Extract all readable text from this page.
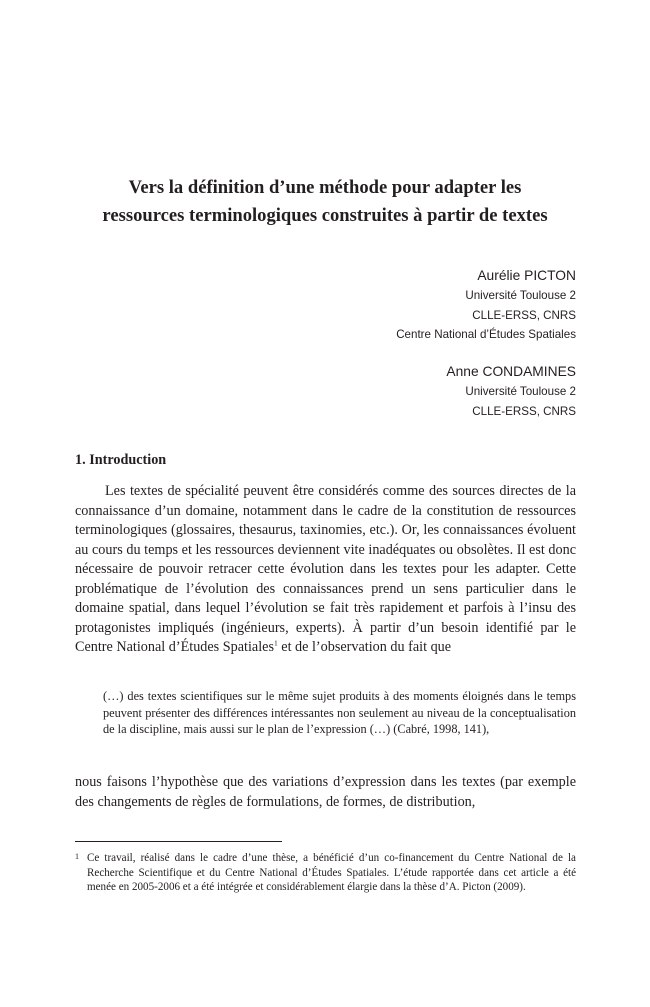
Vers la définition d’une méthode pour adapter les
ressources terminologiques construites à partir de textes
Aurélie PICTON
Université Toulouse 2
CLLE-ERSS, CNRS
Centre National d’Études Spatiales
Anne CONDAMINES
Université Toulouse 2
CLLE-ERSS, CNRS
1. Introduction

Les textes de spécialité peuvent être considérés comme des sources directes de la connaissance d’un domaine, notamment dans le cadre de la constitution de ressources terminologiques (glossaires, thesaurus, taxinomies, etc.). Or, les connaissances évoluent au cours du temps et les ressources deviennent vite inadéquates ou obsolètes. Il est donc nécessaire de pouvoir retracer cette évolution dans les textes pour les adapter. Cette problématique de l’évolution des connaissances prend un sens particulier dans le domaine spatial, dans lequel l’évolution se fait très rapidement et parfois à l’insu des protagonistes impliqués (ingénieurs, experts). À partir d’un besoin identifié par le Centre National d’Études Spatiales$^1$ et de l’observation du fait que

(…) des textes scientifiques sur le même sujet produits à des moments éloignés dans le temps peuvent présenter des différences intéressantes non seulement au niveau de la conceptualisation de la discipline, mais aussi sur le plan de l’expression (…) (Cabré, 1998, 141),

nous faisons l’hypothèse que des variations d’expression dans les textes (par exemple des changements de règles de formulations, de formes, de distribution,

1 Ce travail, réalisé dans le cadre d’une thèse, a bénéficié d’un co-financement du Centre National de la Recherche Scientifique et du Centre National d’Études Spatiales. L’étude rapportée dans cet article a été menée en 2005-2006 et a été intégrée et considérablement élargie dans la thèse d’A. Picton (2009).
